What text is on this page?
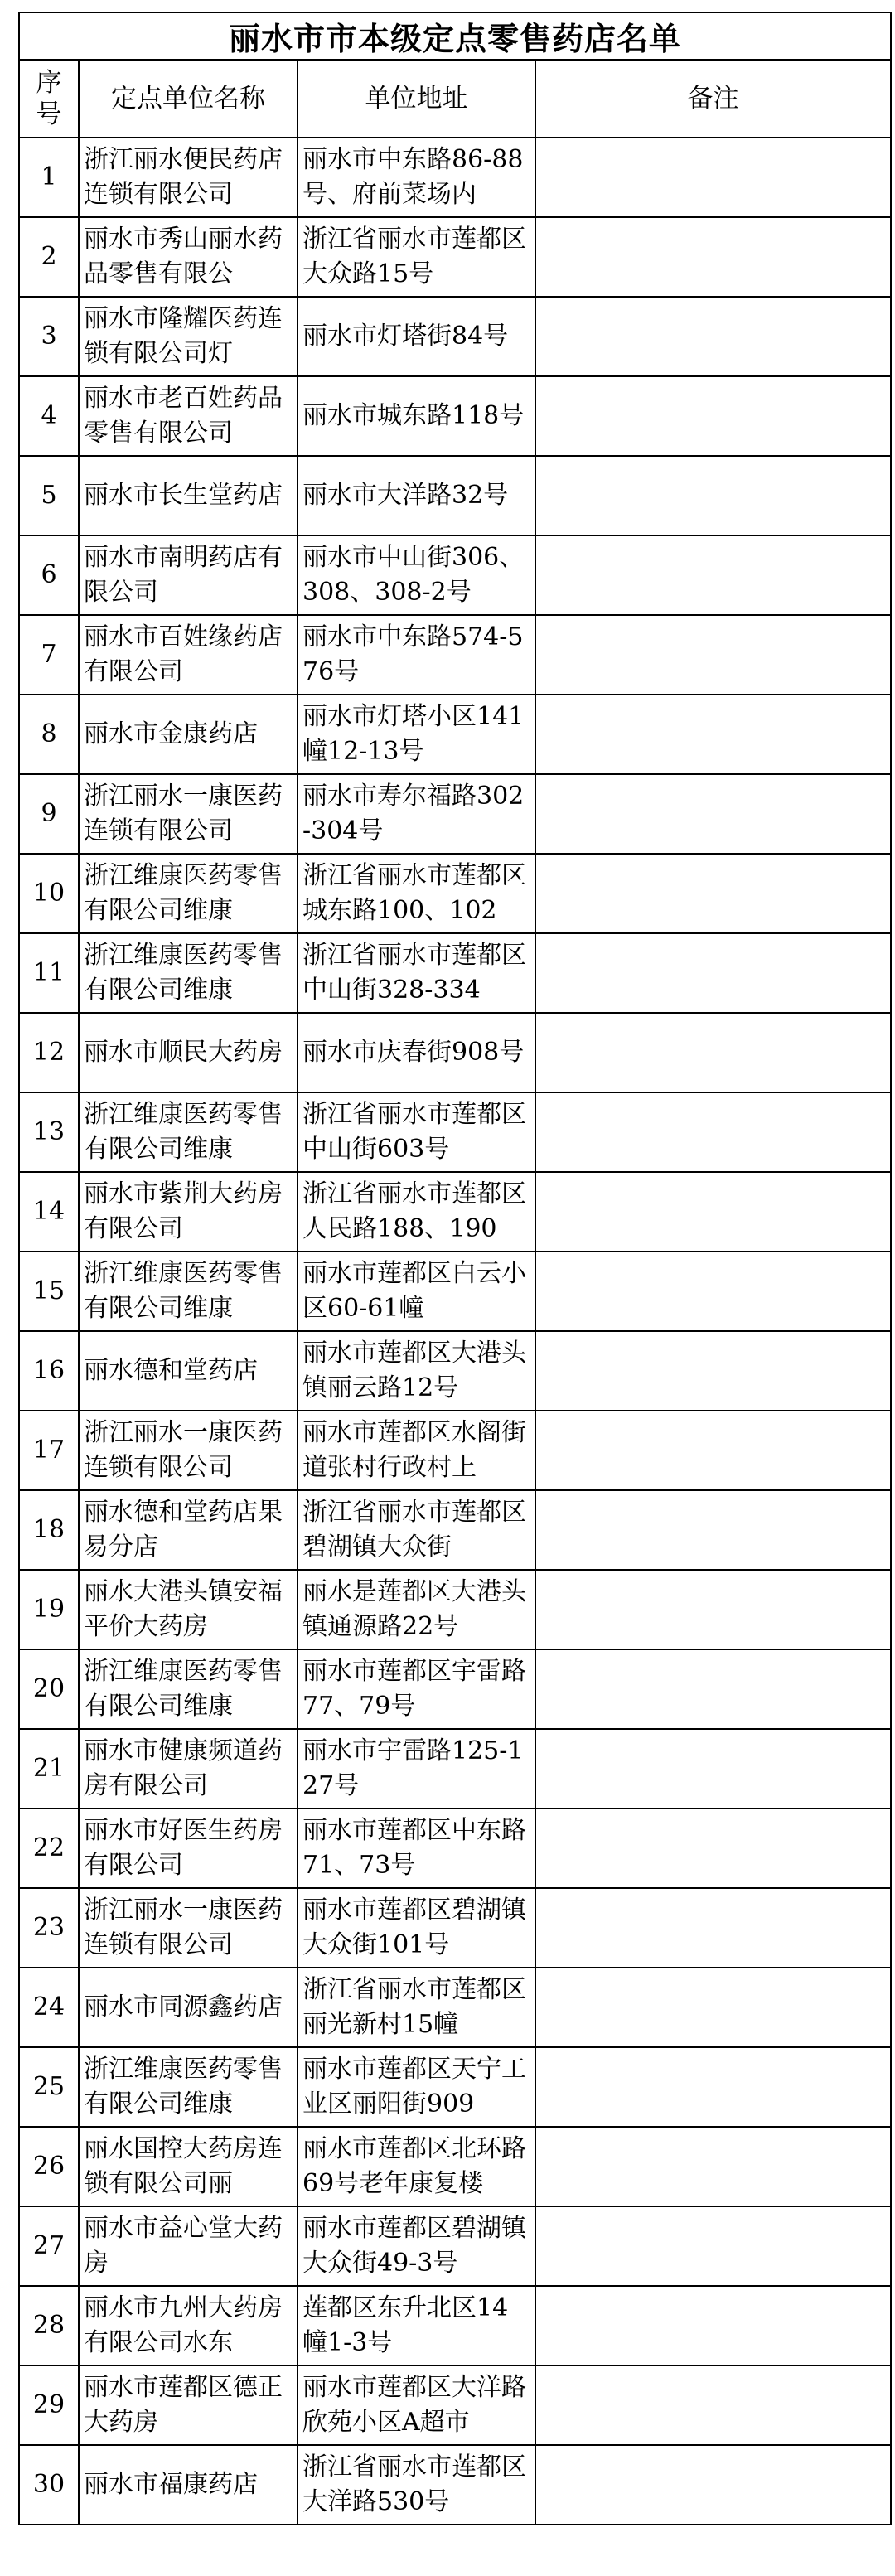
丽水市市本级定点零售药店名单			
序号	定点单位名称	单位地址	备注

1	浙江丽水便民药店连锁有限公司	丽水市中东路86-88号、府前菜场内	

2	丽水市秀山丽水药品零售有限公	浙江省丽水市莲都区大众路15号	

3	丽水市隆耀医药连锁有限公司灯	丽水市灯塔街84号	

4	丽水市老百姓药品零售有限公司	丽水市城东路118号	

5	丽水市长生堂药店	丽水市大洋路32号	

6	丽水市南明药店有限公司	丽水市中山街306、308、308-2号	

7	丽水市百姓缘药店有限公司	丽水市中东路574-576号	

8	丽水市金康药店	丽水市灯塔小区141幢12-13号	

9	浙江丽水一康医药连锁有限公司	丽水市寿尔福路302-304号	

10	浙江维康医药零售有限公司维康	浙江省丽水市莲都区城东路100、102	

11	浙江维康医药零售有限公司维康	浙江省丽水市莲都区中山街328-334	

12	丽水市顺民大药房	丽水市庆春街908号	

13	浙江维康医药零售有限公司维康	浙江省丽水市莲都区中山街603号	

14	丽水市紫荆大药房有限公司	浙江省丽水市莲都区人民路188、190	

15	浙江维康医药零售有限公司维康	丽水市莲都区白云小区60-61幢	

16	丽水德和堂药店	丽水市莲都区大港头镇丽云路12号	

17	浙江丽水一康医药连锁有限公司	丽水市莲都区水阁街道张村行政村上	

18	丽水德和堂药店果易分店	浙江省丽水市莲都区碧湖镇大众街	

19	丽水大港头镇安福平价大药房	丽水是莲都区大港头镇通源路22号	

20	浙江维康医药零售有限公司维康	丽水市莲都区宇雷路77、79号	

21	丽水市健康频道药房有限公司	丽水市宇雷路125-127号	

22	丽水市好医生药房有限公司	丽水市莲都区中东路71、73号	

23	浙江丽水一康医药连锁有限公司	丽水市莲都区碧湖镇大众街101号	

24	丽水市同源鑫药店	浙江省丽水市莲都区丽光新村15幢	

25	浙江维康医药零售有限公司维康	丽水市莲都区天宁工业区丽阳街909	

26	丽水国控大药房连锁有限公司丽	丽水市莲都区北环路69号老年康复楼	

27	丽水市益心堂大药房	丽水市莲都区碧湖镇大众街49-3号	

28	丽水市九州大药房有限公司水东	莲都区东升北区14幢1-3号	

29	丽水市莲都区德正大药房	丽水市莲都区大洋路欣苑小区A超市	

30	丽水市福康药店	浙江省丽水市莲都区大洋路530号	
